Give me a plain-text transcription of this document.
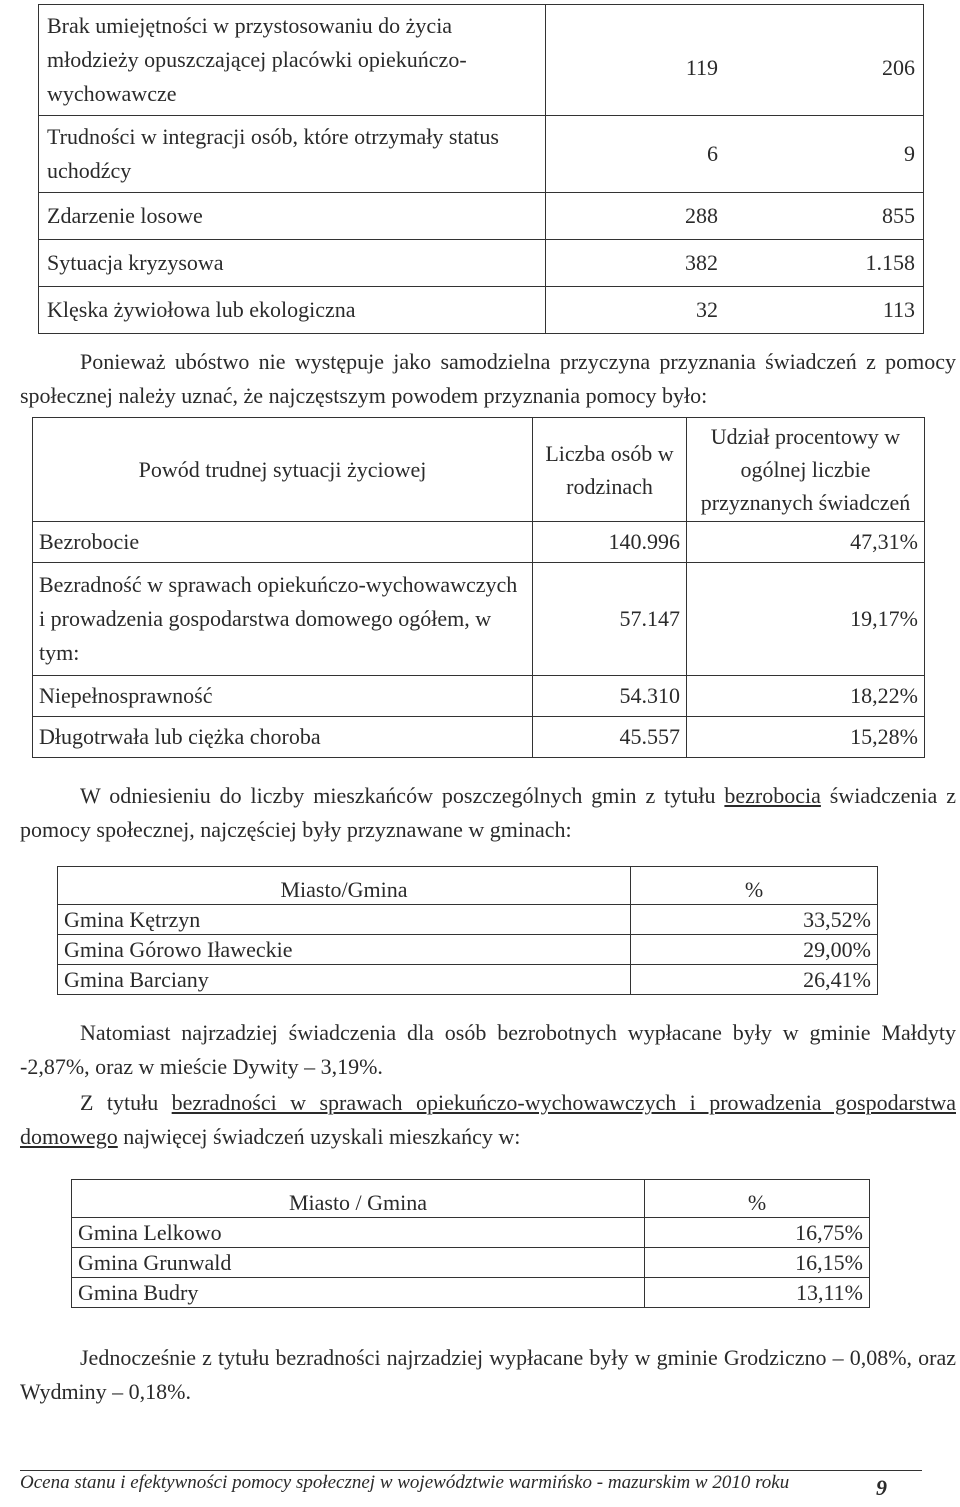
Brak umiejętności w przystosowaniu do życia młodzieży opuszczającej placówki opiekuńczo-wychowawcze	119 206

Trudności w integracji osób, które otrzymały status uchodźcy	6 9

Zdarzenie losowe	288 855

Sytuacja kryzysowa	382 1.158

Klęska żywiołowa lub ekologiczna	32 113

Ponieważ ubóstwo nie występuje jako samodzielna przyczyna przyznania świadczeń z pomocy społecznej należy uznać, że najczęstszym powodem przyznania pomocy było:

Powód trudnej sytuacji życiowej	Liczba osób w rodzinach	Udział procentowy w ogólnej liczbie przyznanych świadczeń
Bezrobocie	140.996	47,31%
Bezradność w sprawach opiekuńczo-wychowawczych i prowadzenia gospodarstwa domowego ogółem, w tym:	57.147	19,17%
Niepełnosprawność	54.310	18,22%
Długotrwała lub ciężka choroba	45.557	15,28%

W odniesieniu do liczby mieszkańców poszczególnych gmin z tytułu bezrobocia świadczenia z pomocy społecznej, najczęściej były przyznawane w gminach:

Miasto/Gmina	%
Gmina Kętrzyn	33,52%
Gmina Górowo Iławeckie	29,00%
Gmina Barciany	26,41%

Natomiast najrzadziej świadczenia dla osób bezrobotnych wypłacane były w gminie Małdyty -2,87%, oraz w mieście Dywity – 3,19%.

Z tytułu bezradności w sprawach opiekuńczo-wychowawczych i prowadzenia gospodarstwa domowego najwięcej świadczeń uzyskali mieszkańcy w:

Miasto / Gmina	%
Gmina Lelkowo	16,75%
Gmina Grunwald	16,15%
Gmina Budry	13,11%

Jednocześnie z tytułu bezradności najrzadziej wypłacane były w gminie Grodziczno – 0,08%, oraz Wydminy – 0,18%.

Ocena stanu i efektywności pomocy społecznej w województwie warmińsko - mazurskim w 2010 roku	9
